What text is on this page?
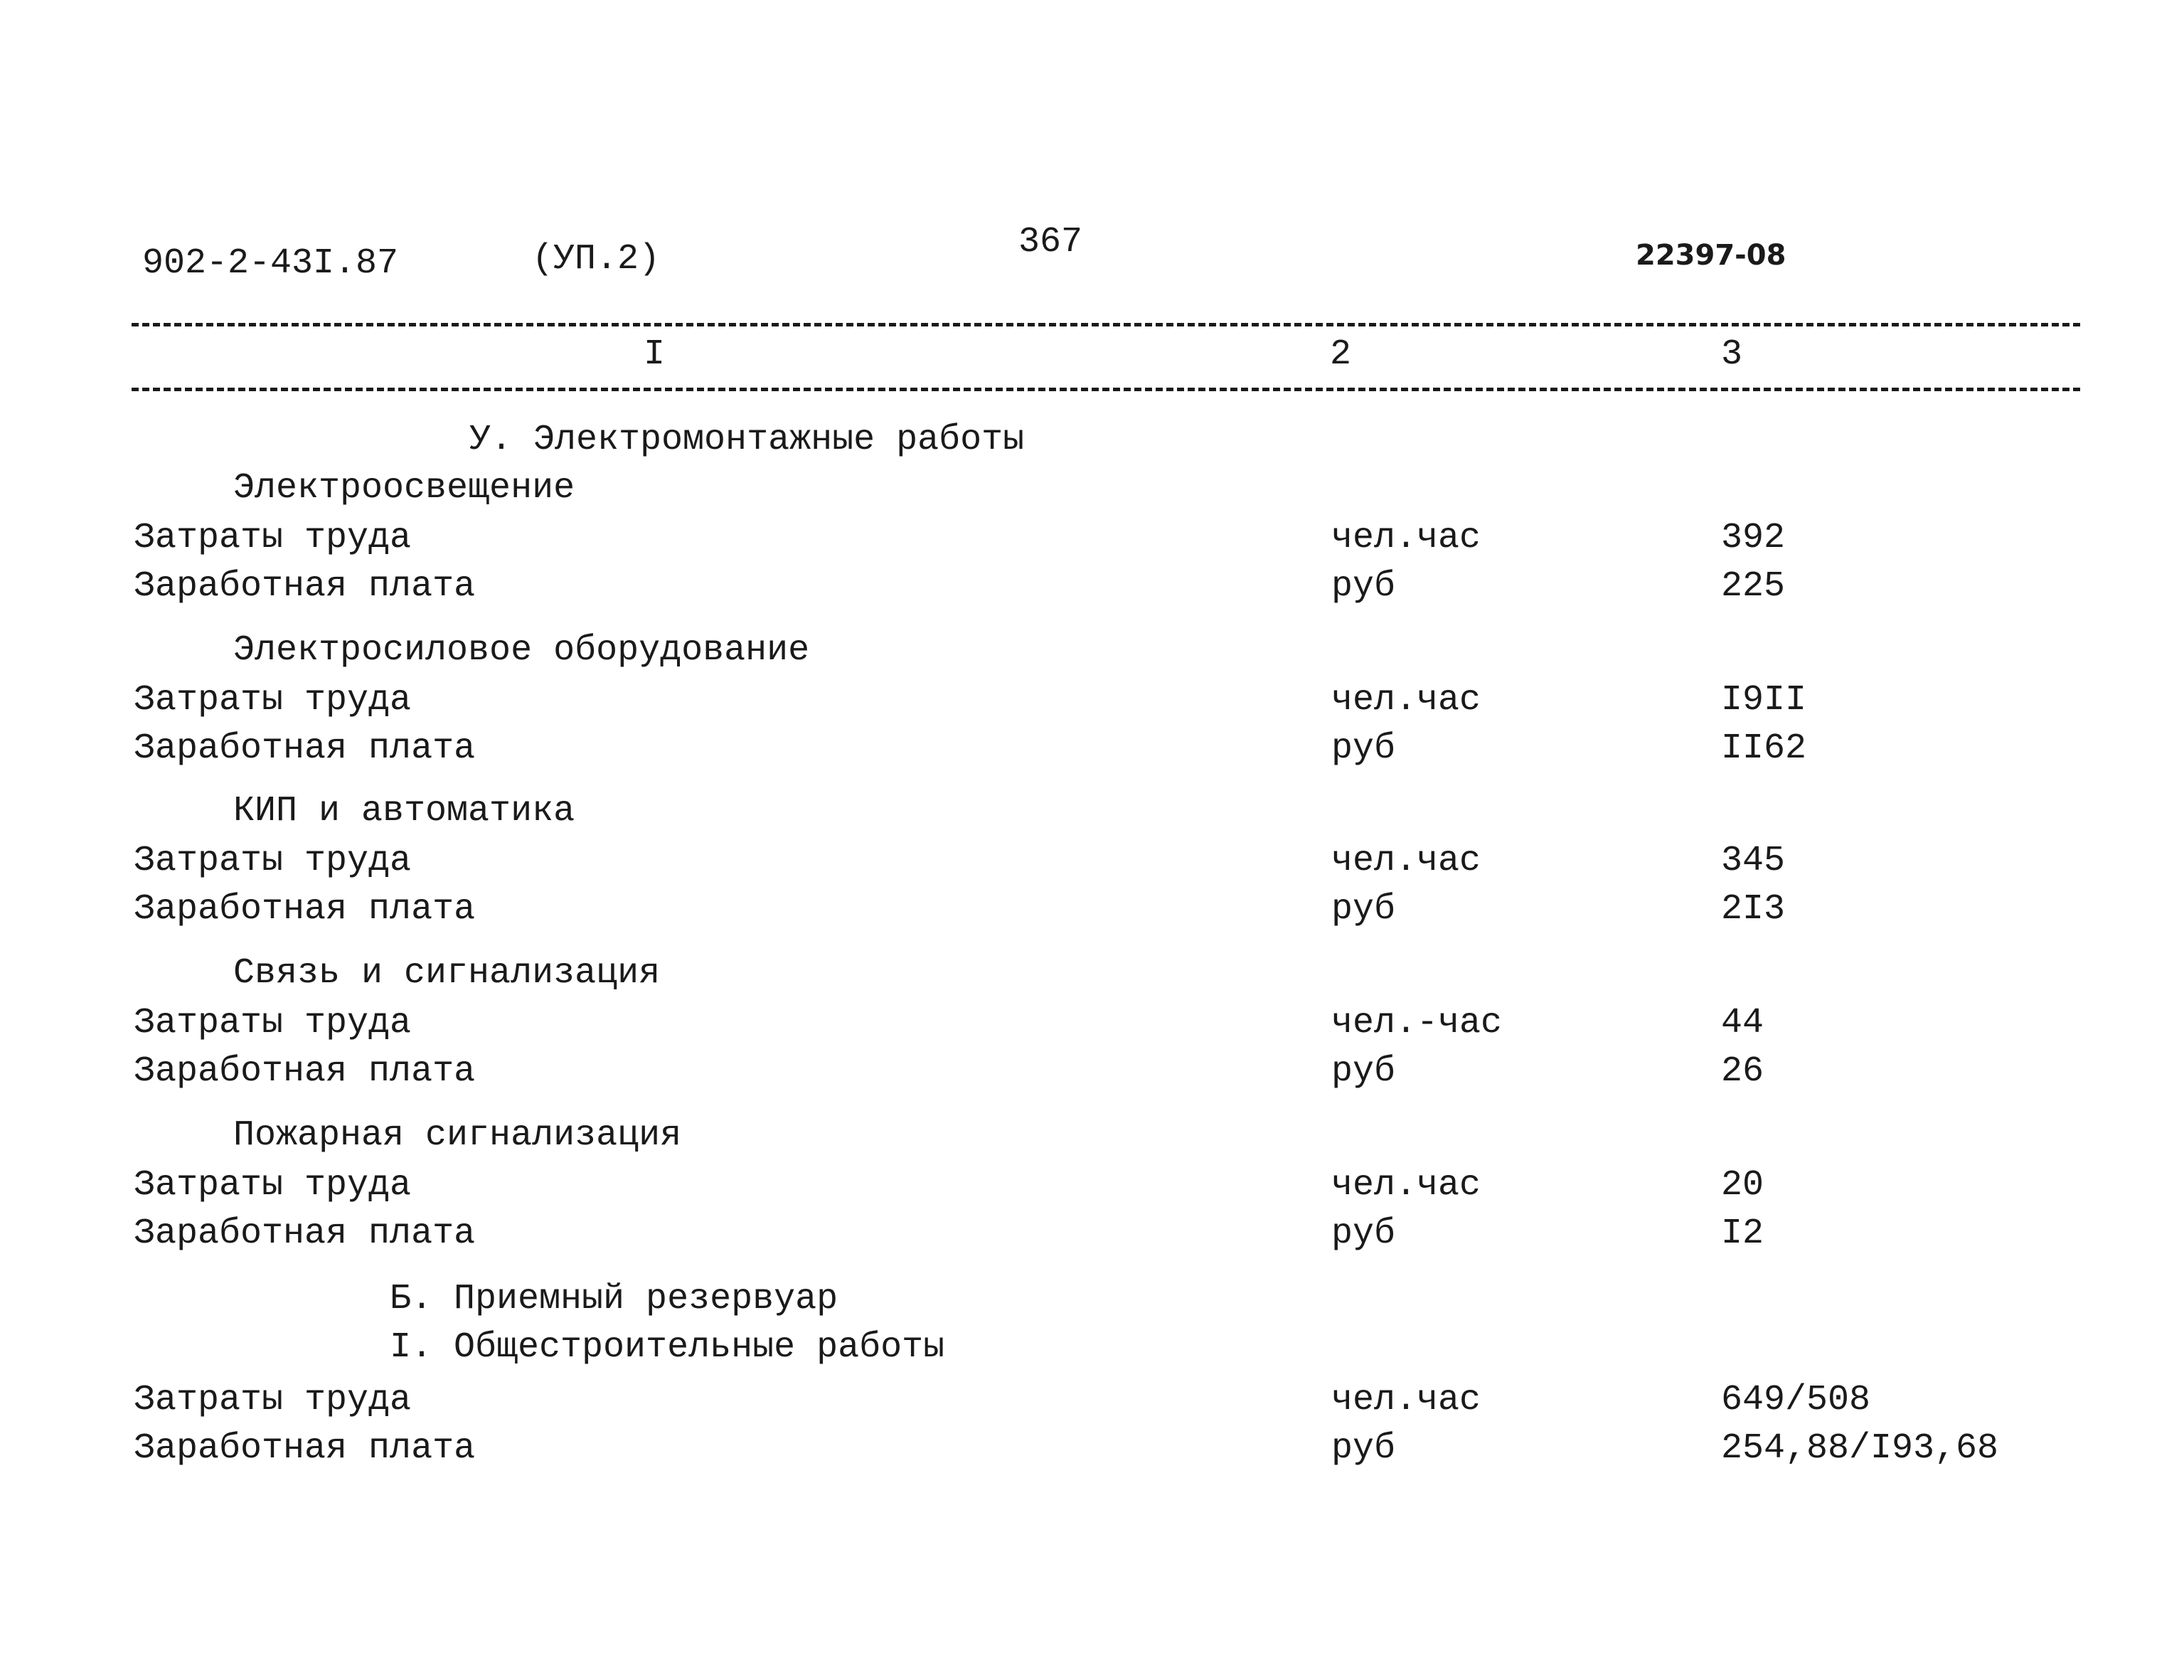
902-2-43I.87	(УП.2)	367	22397-08
I	2	3
У. Электромонтажные работы
Электроосвещение
Затраты труда	чел.час	392
Заработная плата	руб	225
Электросиловое оборудование
Затраты труда	чел.час	I9II
Заработная плата	руб	II62
КИП и автоматика
Затраты труда	чел.час	345
Заработная плата	руб	2I3
Связь и сигнализация
Затраты труда	чел.-час	44
Заработная плата	руб	26
Пожарная сигнализация
Затраты труда	чел.час	20
Заработная плата	руб	I2
Б. Приемный резервуар
I. Общестроительные работы
Затраты труда	чел.час	649/508
Заработная плата	руб	254,88/I93,68
